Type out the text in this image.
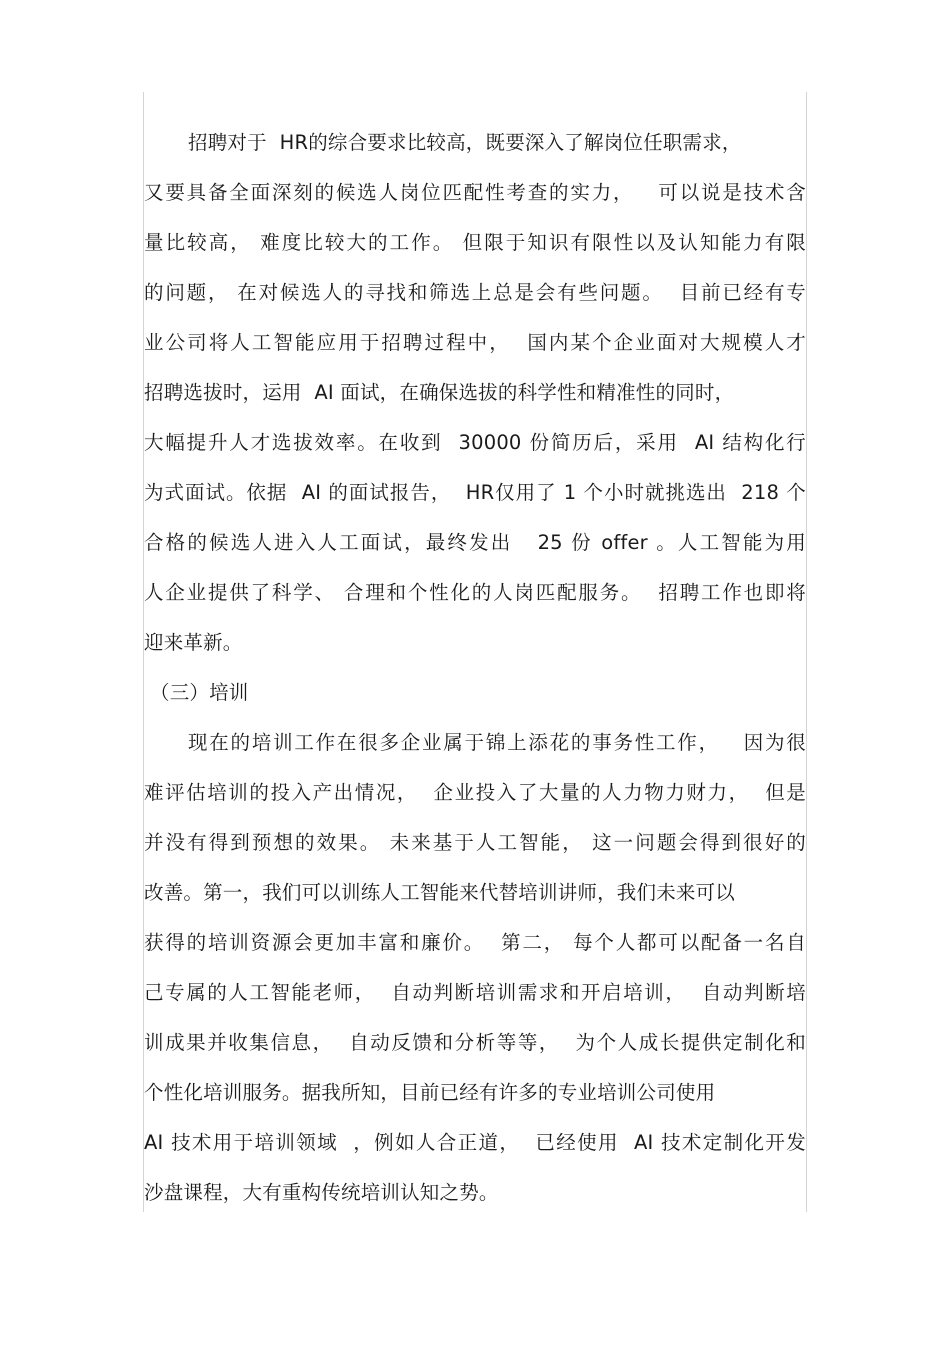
招聘对于  HR的综合要求比较高，既要深入了解岗位任职需求，
又要具备全面深刻的候选人岗位匹配性考查的实力，   可以说是技术含
量比较高， 难度比较大的工作。 但限于知识有限性以及认知能力有限
的问题， 在对候选人的寻找和筛选上总是会有些问题。  目前已经有专
业公司将人工智能应用于招聘过程中，  国内某个企业面对大规模人才
招聘选拔时，运用  AI 面试，在确保选拔的科学性和精准性的同时，
大幅提升人才选拔效率。在收到  30000 份简历后，采用  AI 结构化行
为式面试。依据  AI 的面试报告，  HR仅用了 1 个小时就挑选出  218 个
合格的候选人进入人工面试，最终发出   25 份 offer 。人工智能为用
人企业提供了科学、 合理和个性化的人岗匹配服务。  招聘工作也即将
迎来革新。
（三）培训
现在的培训工作在很多企业属于锦上添花的事务性工作，   因为很
难评估培训的投入产出情况，  企业投入了大量的人力物力财力，  但是
并没有得到预想的效果。 未来基于人工智能， 这一问题会得到很好的
改善。第一，我们可以训练人工智能来代替培训讲师，我们未来可以
获得的培训资源会更加丰富和廉价。  第二， 每个人都可以配备一名自
己专属的人工智能老师，  自动判断培训需求和开启培训，  自动判断培
训成果并收集信息，  自动反馈和分析等等，  为个人成长提供定制化和
个性化培训服务。据我所知，目前已经有许多的专业培训公司使用
AI 技术用于培训领域  ，例如人合正道，  已经使用  AI 技术定制化开发
沙盘课程，大有重构传统培训认知之势。
